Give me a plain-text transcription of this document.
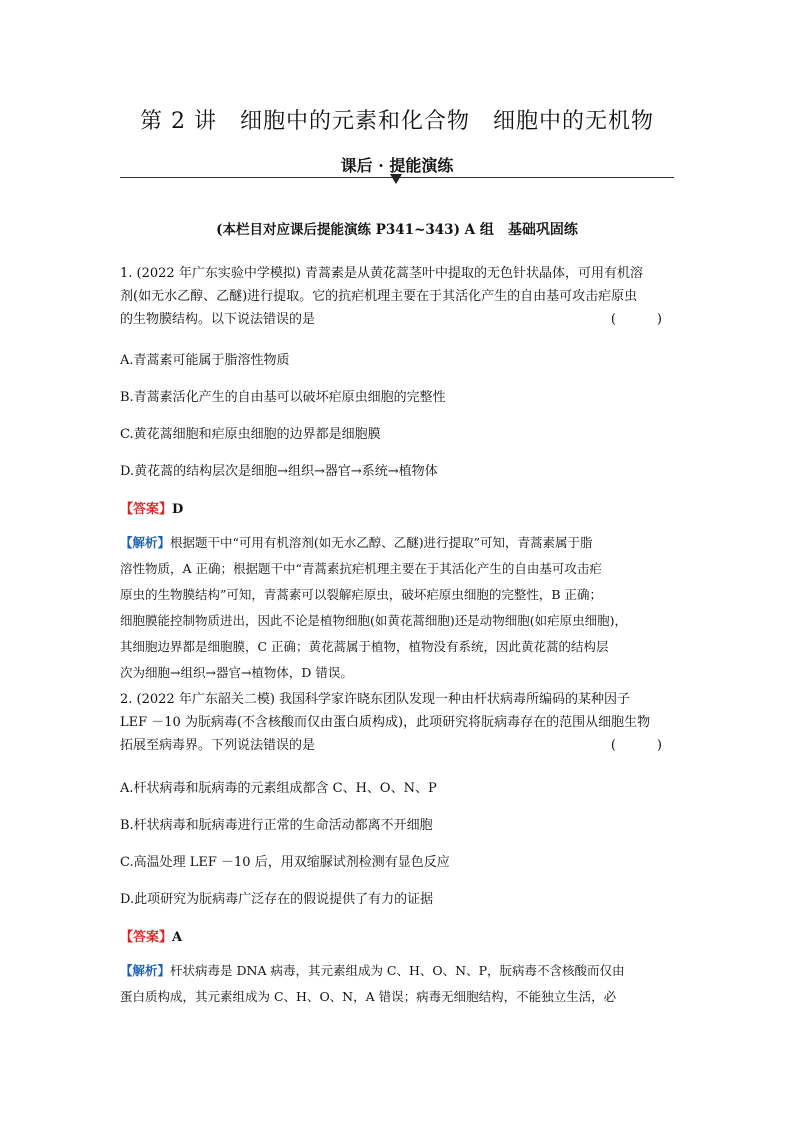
第 2 讲　细胞中的元素和化合物　细胞中的无机物
课后 · 提能演练
(本栏目对应课后提能演练 P341~343) A 组　基础巩固练

1. (2022 年广东实验中学模拟) 青蒿素是从黄花蒿茎叶中提取的无色针状晶体，可用有机溶

剂(如无水乙醇、乙醚)进行提取。它的抗疟机理主要在于其活化产生的自由基可攻击疟原虫

的生物膜结构。以下说法错误的是	(　)

A.青蒿素可能属于脂溶性物质
B.青蒿素活化产生的自由基可以破坏疟原虫细胞的完整性
C.黄花蒿细胞和疟原虫细胞的边界都是细胞膜
D.黄花蒿的结构层次是细胞→组织→器官→系统→植物体
【答案】D
【解析】根据题干中“可用有机溶剂(如无水乙醇、乙醚)进行提取”可知，青蒿素属于脂
溶性物质，A 正确；根据题干中“青蒿素抗疟机理主要在于其活化产生的自由基可攻击疟
原虫的生物膜结构”可知，青蒿素可以裂解疟原虫，破坏疟原虫细胞的完整性，B 正确；
细胞膜能控制物质进出，因此不论是植物细胞(如黄花蒿细胞)还是动物细胞(如疟原虫细胞)，
其细胞边界都是细胞膜，C 正确；黄花蒿属于植物，植物没有系统，因此黄花蒿的结构层
次为细胞→组织→器官→植物体，D 错误。

2. (2022 年广东韶关二模) 我国科学家许晓东团队发现一种由杆状病毒所编码的某种因子

LEF －10 为朊病毒(不含核酸而仅由蛋白质构成)，此项研究将朊病毒存在的范围从细胞生物

拓展至病毒界。下列说法错误的是	(　)

A.杆状病毒和朊病毒的元素组成都含 C、H、O、N、P
B.杆状病毒和朊病毒进行正常的生命活动都离不开细胞
C.高温处理 LEF －10 后，用双缩脲试剂检测有显色反应
D.此项研究为朊病毒广泛存在的假说提供了有力的证据
【答案】A
【解析】杆状病毒是 DNA 病毒，其元素组成为 C、H、O、N、P，朊病毒不含核酸而仅由
蛋白质构成，其元素组成为 C、H、O、N，A 错误；病毒无细胞结构，不能独立生活，必
